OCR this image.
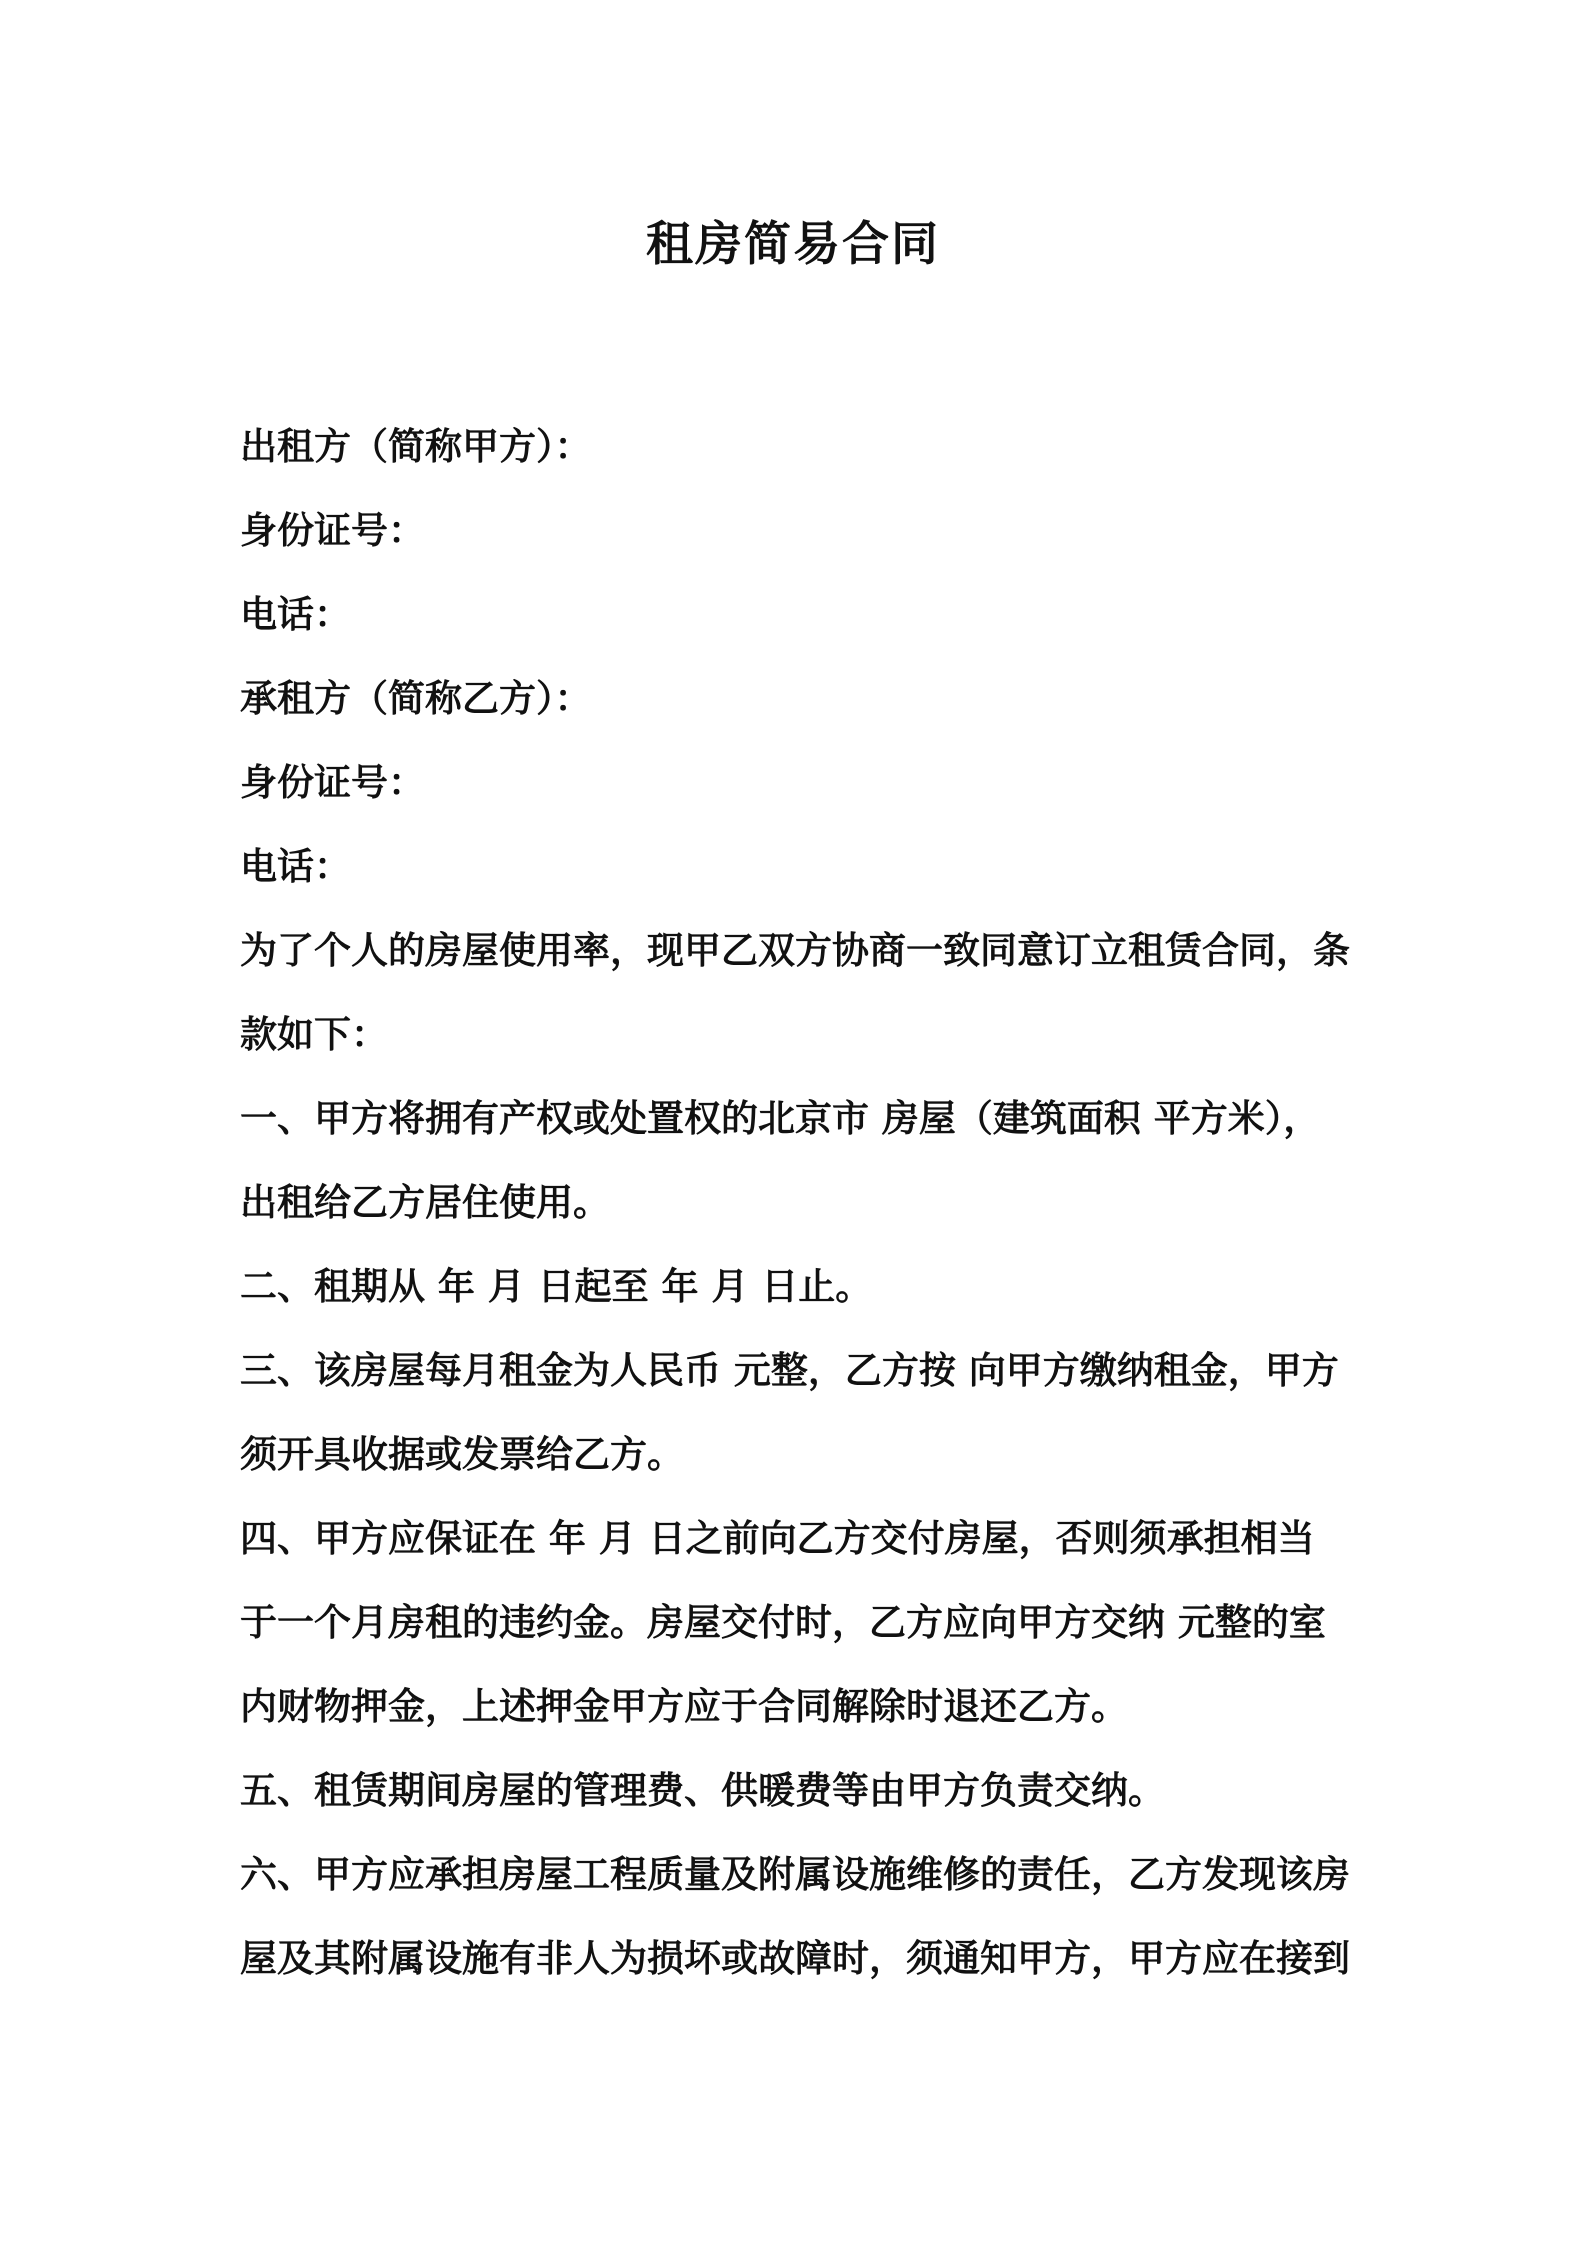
租房简易合同
出租方（简称甲方）：
身份证号：
电话：
承租方（简称乙方）：
身份证号：
电话：
为了个人的房屋使用率，现甲乙双方协商一致同意订立租赁合同，条
款如下：
一、甲方将拥有产权或处置权的北京市 房屋（建筑面积 平方米），
出租给乙方居住使用。
二、租期从 年 月 日起至 年 月 日止。
三、该房屋每月租金为人民币 元整，乙方按 向甲方缴纳租金，甲方
须开具收据或发票给乙方。
四、甲方应保证在 年 月 日之前向乙方交付房屋，否则须承担相当
于一个月房租的违约金。房屋交付时，乙方应向甲方交纳 元整的室
内财物押金，上述押金甲方应于合同解除时退还乙方。
五、租赁期间房屋的管理费、供暖费等由甲方负责交纳。
六、甲方应承担房屋工程质量及附属设施维修的责任，乙方发现该房
屋及其附属设施有非人为损坏或故障时，须通知甲方，甲方应在接到
